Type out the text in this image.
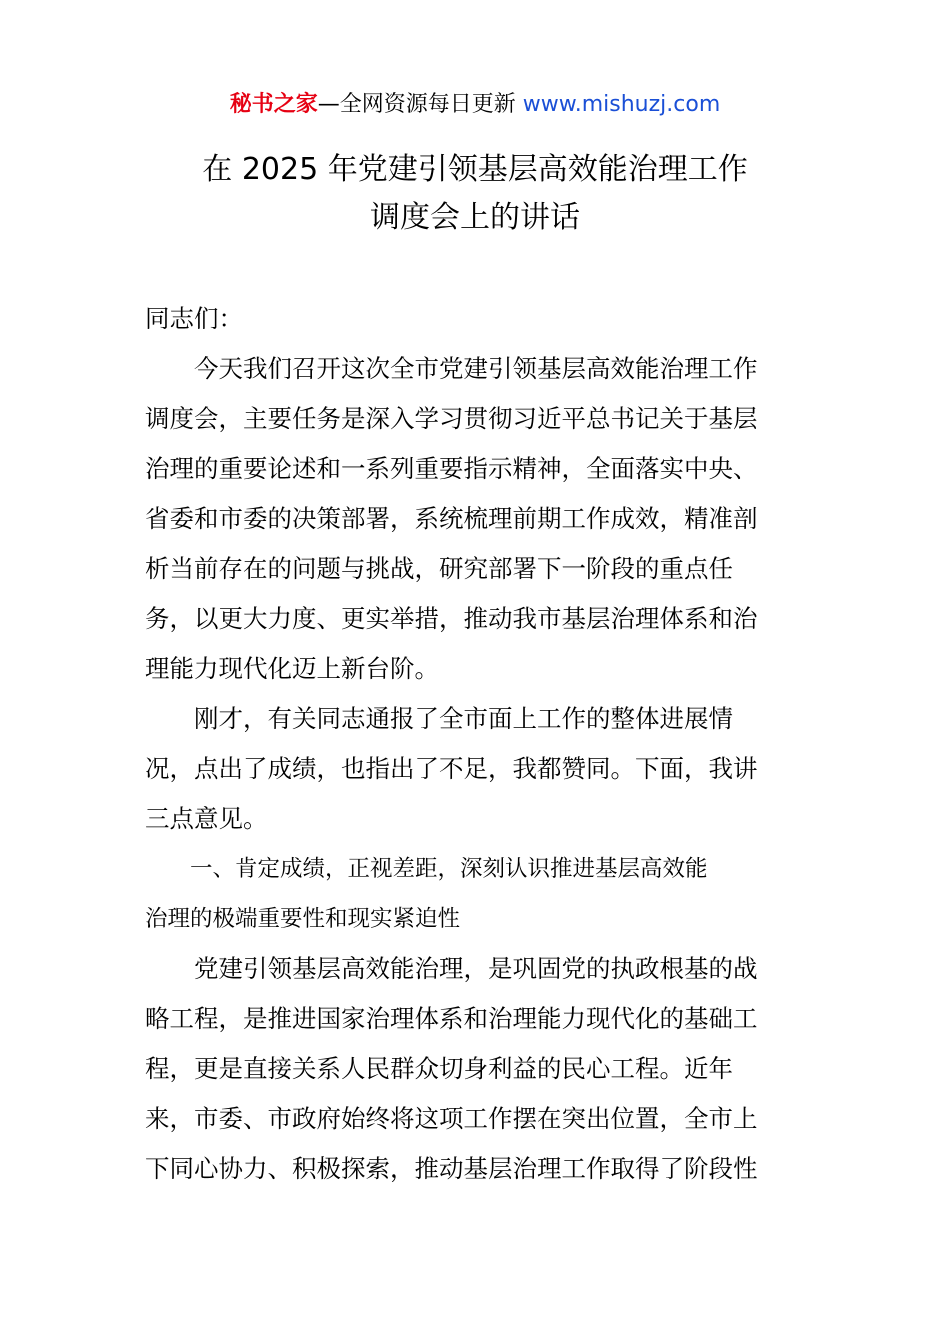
秘书之家—全网资源每日更新 www.mishuzj.com
在 2025 年党建引领基层高效能治理工作
调度会上的讲话
同志们：
　　今天我们召开这次全市党建引领基层高效能治理工作
调度会，主要任务是深入学习贯彻习近平总书记关于基层
治理的重要论述和一系列重要指示精神，全面落实中央、
省委和市委的决策部署，系统梳理前期工作成效，精准剖
析当前存在的问题与挑战，研究部署下一阶段的重点任
务，以更大力度、更实举措，推动我市基层治理体系和治
理能力现代化迈上新台阶。
　　刚才，有关同志通报了全市面上工作的整体进展情
况，点出了成绩，也指出了不足，我都赞同。下面，我讲
三点意见。
　　一、肯定成绩，正视差距，深刻认识推进基层高效能
治理的极端重要性和现实紧迫性
　　党建引领基层高效能治理，是巩固党的执政根基的战
略工程，是推进国家治理体系和治理能力现代化的基础工
程，更是直接关系人民群众切身利益的民心工程。近年
来，市委、市政府始终将这项工作摆在突出位置，全市上
下同心协力、积极探索，推动基层治理工作取得了阶段性
